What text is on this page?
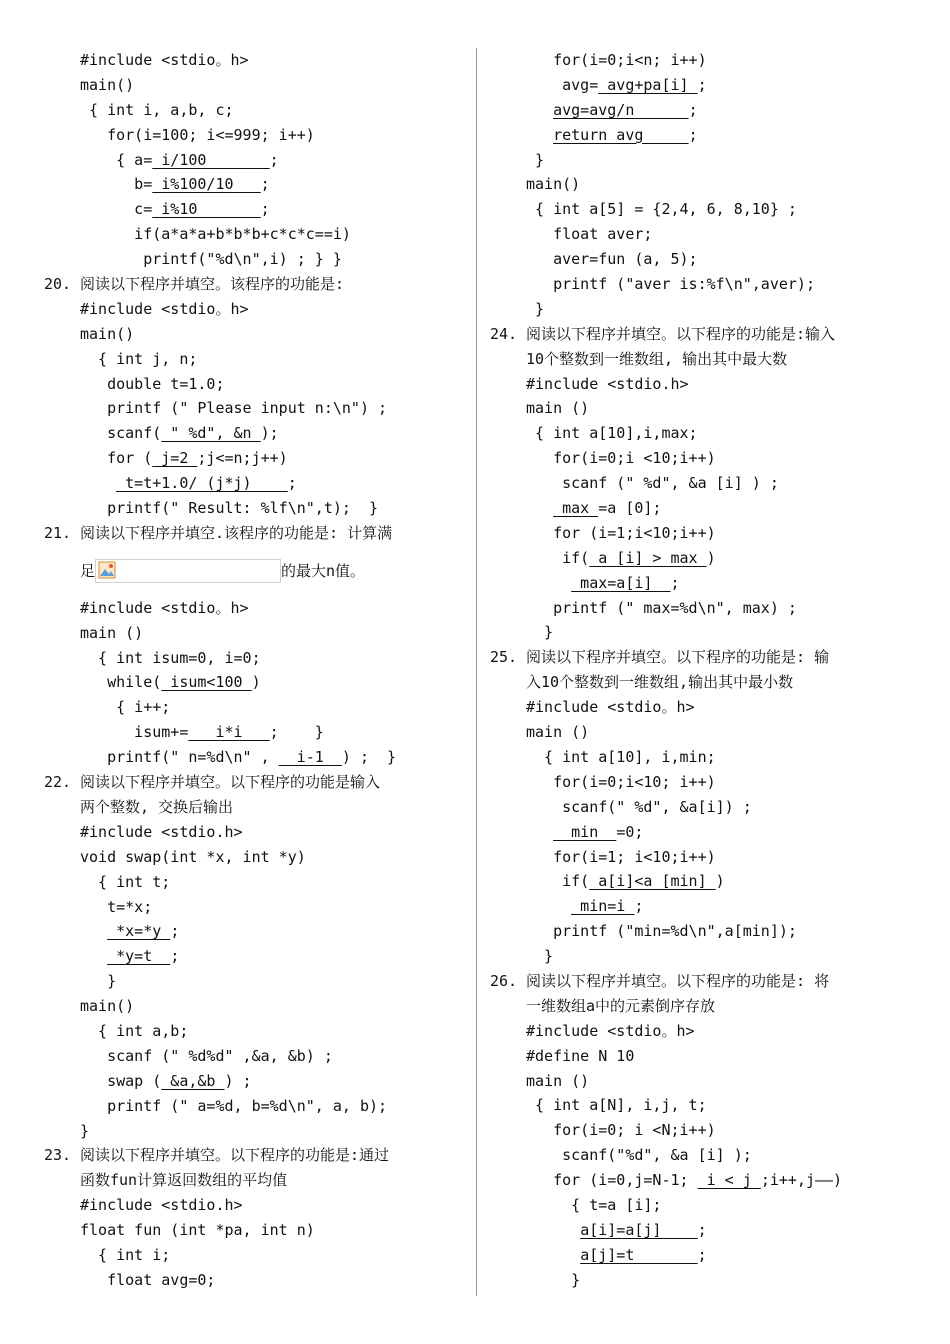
#include <stdio。h>
main()
{ int i, a,b, c;
for(i=100; i<=999; i++)
{ a= i/100       ;
b= i%100/10   ;
c= i%10       ;
if(a*a*a+b*b*b+c*c*c==i)
printf("%d\n",i) ; } }
20. 阅读以下程序并填空。该程序的功能是:
#include <stdio。h>
main()
{ int j, n;
double t=1.0;
printf (" Please input n:\n") ;
scanf( " %d", &n );
for ( j=2 ;j<=n;j++)
t=t+1.0/ (j*j)    ;
printf(" Result: %lf\n",t);  }
21. 阅读以下程序并填空.该程序的功能是: 计算满
足	的最大n值。
#include <stdio。h>
main ()
{ int isum=0, i=0;
while( isum<100 )
{ i++;
isum+=   i*i   ;    }
printf(" n=%d\n" ,   i-1  ) ;  }
22. 阅读以下程序并填空。以下程序的功能是输入
两个整数, 交换后输出
#include <stdio.h>
void swap(int *x, int *y)
{ int t;
t=*x;
*x=*y ;
*y=t  ;
}
main()
{ int a,b;
scanf (" %d%d" ,&a, &b) ;
swap ( &a,&b ) ;
printf (" a=%d, b=%d\n", a, b);
}
23. 阅读以下程序并填空。以下程序的功能是:通过
函数fun计算返回数组的平均值
#include <stdio.h>
float fun (int *pa, int n)
{ int i;
float avg=0;
for(i=0;i<n; i++)
avg= avg+pa[i] ;
avg=avg/n      ;
return avg     ;
}
main()
{ int a[5] = {2,4, 6, 8,10} ;
float aver;
aver=fun (a, 5);
printf ("aver is:%f\n",aver);
}
24. 阅读以下程序并填空。以下程序的功能是:输入
10个整数到一维数组, 输出其中最大数
#include <stdio.h>
main ()
{ int a[10],i,max;
for(i=0;i <10;i++)
scanf (" %d", &a [i] ) ;
max =a [0];
for (i=1;i<10;i++)
if( a [i] > max )
max=a[i]  ;
printf (" max=%d\n", max) ;
}
25. 阅读以下程序并填空。以下程序的功能是: 输
入10个整数到一维数组,输出其中最小数
#include <stdio。h>
main ()
{ int a[10], i,min;
for(i=0;i<10; i++)
scanf(" %d", &a[i]) ;
min  =0;
for(i=1; i<10;i++)
if( a[i]<a [min] )
min=i ;
printf ("min=%d\n",a[min]);
}
26. 阅读以下程序并填空。以下程序的功能是: 将
一维数组a中的元素倒序存放
#include <stdio。h>
#define N 10
main ()
{ int a[N], i,j, t;
for(i=0; i <N;i++)
scanf("%d", &a [i] );
for (i=0,j=N-1;  i < j ;i++,j——)
{ t=a [i];
a[i]=a[j]    ;
a[j]=t       ;
}
